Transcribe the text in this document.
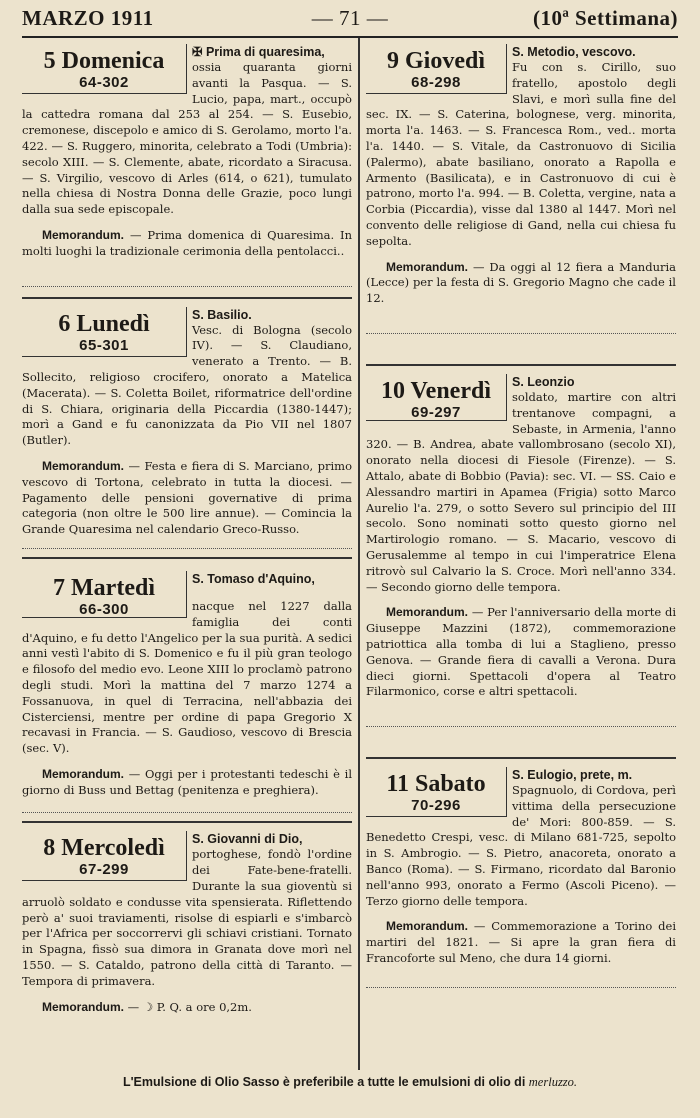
MARZO 1911	— 71 —	(10ª Settimana)
5 Domenica
64-302
✠ Prima di quaresima,

ossia quaranta giorni avanti la Pasqua. — S. Lucio, papa, mart., occupò la cattedra romana dal 253 al 254. — S. Eusebio, cremonese, discepolo e amico di S. Gerolamo, morto l'a. 422. — S. Ruggero, minorita, celebrato a Todi (Umbria): secolo XIII. — S. Clemente, abate, ricordato a Siracusa. — S. Virgilio, vescovo di Arles (614, o 621), tumulato nella chiesa di Nostra Donna delle Grazie, poco lungi dalla sua sede episcopale.

Memorandum. — Prima domenica di Quaresima. In molti luoghi la tradizionale cerimonia della pentolacci..

6 Lunedì
65-301
S. Basilio.

Vesc. di Bologna (secolo IV). — S. Claudiano, venerato a Trento. — B. Sollecito, religioso crocifero, onorato a Matelica (Macerata). — S. Coletta Boilet, riformatrice dell'ordine di S. Chiara, originaria della Piccardia (1380-1447); morì a Gand e fu canonizzata da Pio VII nel 1807 (Butler).

Memorandum. — Festa e fiera di S. Marciano, primo vescovo di Tortona, celebrato in tutta la diocesi. — Pagamento delle pensioni governative di prima categoria (non oltre le 500 lire annue). — Comincia la Grande Quaresima nel calendario Greco-Russo.

7 Martedì
66-300
S. Tomaso d'Aquino,

nacque nel 1227 dalla famiglia dei conti d'Aquino, e fu detto l'Angelico per la sua purità. A sedici anni vestì l'abito di S. Domenico e fu il più gran teologo e filosofo del medio evo. Leone XIII lo proclamò patrono degli studi. Morì la mattina del 7 marzo 1274 a Fossanuova, in quel di Terracina, nell'abbazia dei Cisterciensi, mentre per ordine di papa Gregorio X recavasi in Francia. — S. Gaudioso, vescovo di Brescia (sec. V).

Memorandum. — Oggi per i protestanti tedeschi è il giorno di Buss und Bettag (penitenza e preghiera).

8 Mercoledì
67-299
S. Giovanni di Dio,

portoghese, fondò l'ordine dei Fate-bene-fratelli. Durante la sua gioventù si arruolò soldato e condusse vita spensierata. Riflettendo però a' suoi traviamenti, risolse di espiarli e s'imbarcò per l'Africa per soccorrervi gli schiavi cristiani. Tornato in Spagna, fissò sua dimora in Granata dove morì nel 1550. — S. Cataldo, patrono della città di Taranto. — Tempora di primavera.

Memorandum. — ☽ P. Q. a ore 0,2m.

9 Giovedì
68-298
S. Metodio, vescovo.

Fu con s. Cirillo, suo fratello, apostolo degli Slavi, e morì sulla fine del sec. IX. — S. Caterina, bolognese, verg. minorita, morta l'a. 1463. — S. Francesca Rom., ved.. morta l'a. 1440. — S. Vitale, da Castronuovo di Sicilia (Palermo), abate basiliano, onorato a Rapolla e Armento (Basilicata), e in Castronuovo di cui è patrono, morto l'a. 994. — B. Coletta, vergine, nata a Corbia (Piccardia), visse dal 1380 al 1447. Morì nel convento delle religiose di Gand, nella cui chiesa fu sepolta.

Memorandum. — Da oggi al 12 fiera a Manduria (Lecce) per la festa di S. Gregorio Magno che cade il 12.

10 Venerdì
69-297
S. Leonzio

soldato, martire con altri trentanove compagni, a Sebaste, in Armenia, l'anno 320. — B. Andrea, abate vallombrosano (secolo XI), onorato nella diocesi di Fiesole (Firenze). — S. Attalo, abate di Bobbio (Pavia): sec. VI. — SS. Caio e Alessandro martiri in Apamea (Frigia) sotto Marco Aurelio l'a. 279, o sotto Severo sul principio del III secolo. Sono nominati sotto questo giorno nel Martirologio romano. — S. Macario, vescovo di Gerusalemme al tempo in cui l'imperatrice Elena ritrovò sul Calvario la S. Croce. Morì nell'anno 334. — Secondo giorno delle tempora.

Memorandum. — Per l'anniversario della morte di Giuseppe Mazzini (1872), commemorazione patriottica alla tomba di lui a Staglieno, presso Genova. — Grande fiera di cavalli a Verona. Dura dieci giorni. Spettacoli d'opera al Teatro Filarmonico, corse e altri spettacoli.

11 Sabato
70-296
S. Eulogio, prete, m.

Spagnuolo, di Cordova, perì vittima della persecuzione de' Mori: 800-859. — S. Benedetto Crespi, vesc. di Milano 681-725, sepolto in S. Ambrogio. — S. Pietro, anacoreta, onorato a Banco (Roma). — S. Firmano, ricordato dal Baronio nell'anno 993, onorato a Fermo (Ascoli Piceno). — Terzo giorno delle tempora.

Memorandum. — Commemorazione a Torino dei martiri del 1821. — Si apre la gran fiera di Francoforte sul Meno, che dura 14 giorni.

L'Emulsione di Olio Sasso è preferibile a tutte le emulsioni di olio di merluzzo.
